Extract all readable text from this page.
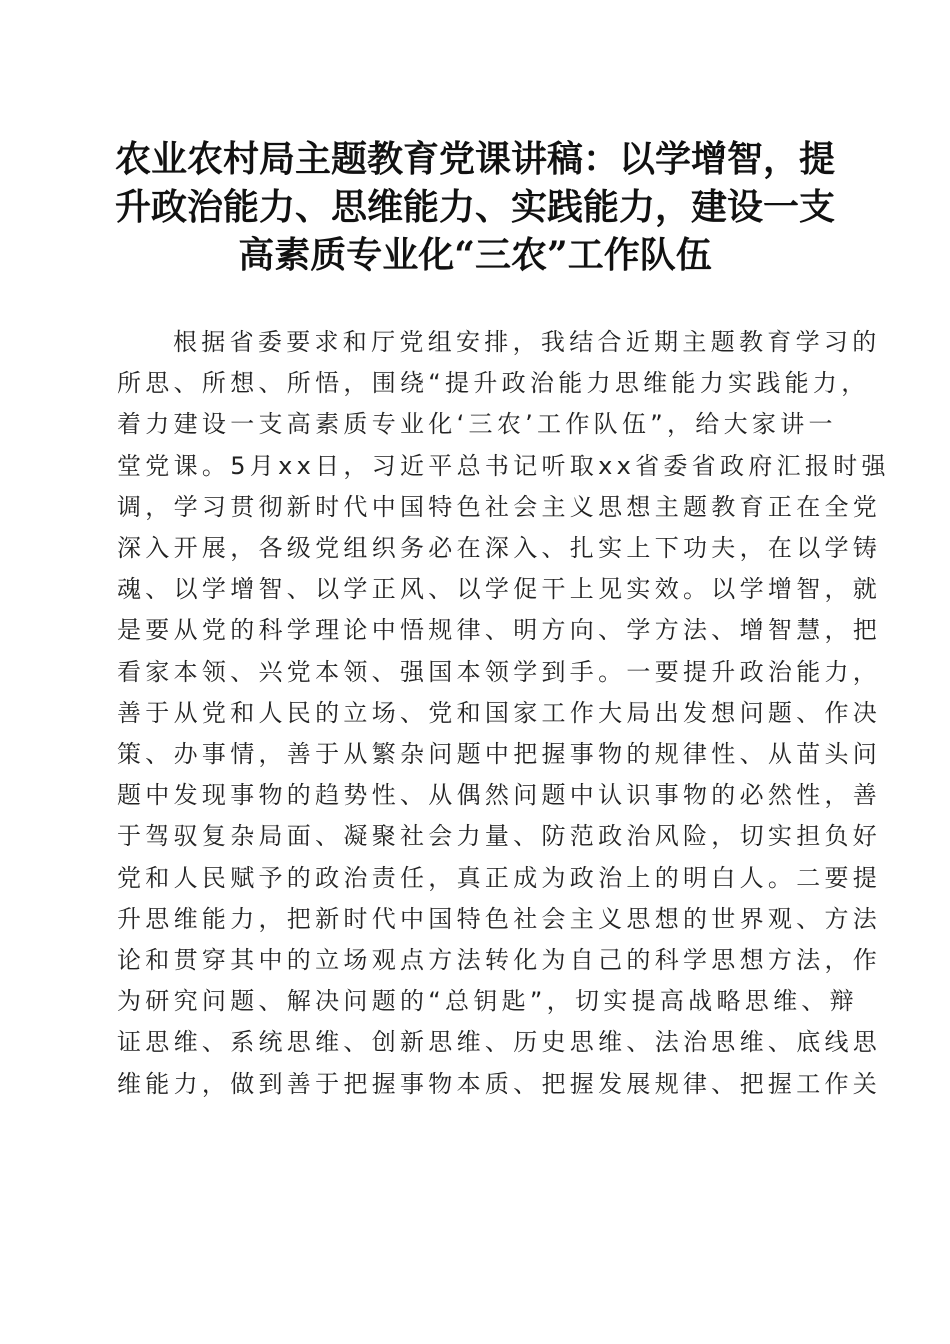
农业农村局主题教育党课讲稿：以学增智，提
升政治能力、思维能力、实践能力，建设一支
高素质专业化“三农”工作队伍
根据省委要求和厅党组安排，我结合近期主题教育学习的
所思、所想、所悟，围绕“提升政治能力思维能力实践能力，
着力建设一支高素质专业化‘三农’工作队伍”，给大家讲一
堂党课。5月xx日，习近平总书记听取xx省委省政府汇报时强
调，学习贯彻新时代中国特色社会主义思想主题教育正在全党
深入开展，各级党组织务必在深入、扎实上下功夫，在以学铸
魂、以学增智、以学正风、以学促干上见实效。以学增智，就
是要从党的科学理论中悟规律、明方向、学方法、增智慧，把
看家本领、兴党本领、强国本领学到手。一要提升政治能力，
善于从党和人民的立场、党和国家工作大局出发想问题、作决
策、办事情，善于从繁杂问题中把握事物的规律性、从苗头问
题中发现事物的趋势性、从偶然问题中认识事物的必然性，善
于驾驭复杂局面、凝聚社会力量、防范政治风险，切实担负好
党和人民赋予的政治责任，真正成为政治上的明白人。二要提
升思维能力，把新时代中国特色社会主义思想的世界观、方法
论和贯穿其中的立场观点方法转化为自己的科学思想方法，作
为研究问题、解决问题的“总钥匙”，切实提高战略思维、辩
证思维、系统思维、创新思维、历史思维、法治思维、底线思
维能力，做到善于把握事物本质、把握发展规律、把握工作关
